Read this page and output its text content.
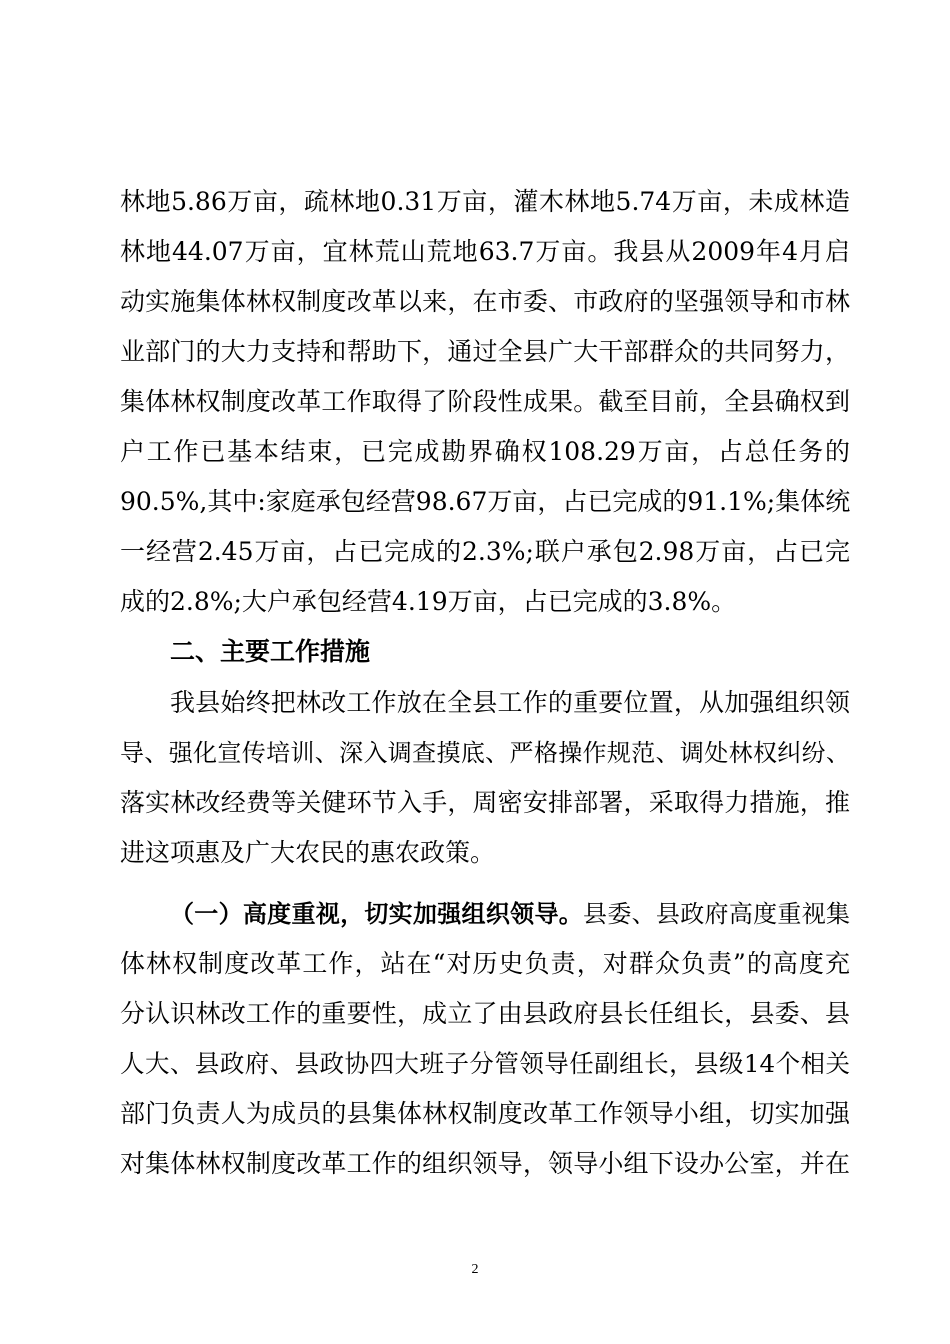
林地5.86万亩，疏林地0.31万亩，灌木林地5.74万亩，未成林造
林地44.07万亩，宜林荒山荒地63.7万亩。我县从2009年4月启
动实施集体林权制度改革以来，在市委、市政府的坚强领导和市林
业部门的大力支持和帮助下，通过全县广大干部群众的共同努力，
集体林权制度改革工作取得了阶段性成果。截至目前，全县确权到
户工作已基本结束，已完成勘界确权108.29万亩，占总任务的
90.5%,其中:家庭承包经营98.67万亩，占已完成的91.1%;集体统
一经营2.45万亩，占已完成的2.3%;联户承包2.98万亩，占已完
成的2.8%;大户承包经营4.19万亩，占已完成的3.8%。
二、主要工作措施
我县始终把林改工作放在全县工作的重要位置，从加强组织领
导、强化宣传培训、深入调查摸底、严格操作规范、调处林权纠纷、
落实林改经费等关健环节入手，周密安排部署，采取得力措施，推
进这项惠及广大农民的惠农政策。
（一）高度重视，切实加强组织领导。县委、县政府高度重视集
体林权制度改革工作，站在“对历史负责，对群众负责”的高度充
分认识林改工作的重要性，成立了由县政府县长任组长，县委、县
人大、县政府、县政协四大班子分管领导任副组长，县级14个相关
部门负责人为成员的县集体林权制度改革工作领导小组，切实加强
对集体林权制度改革工作的组织领导，领导小组下设办公室，并在
2
